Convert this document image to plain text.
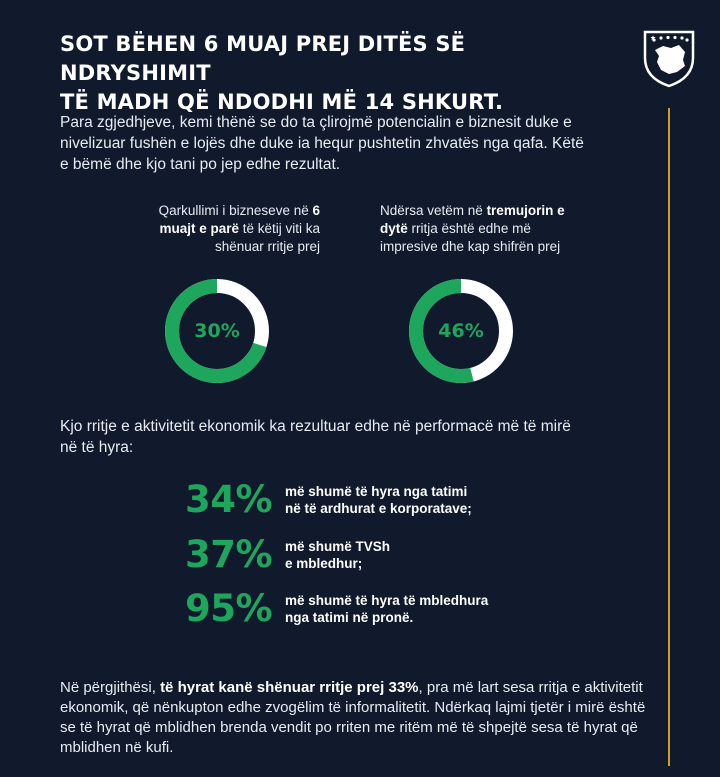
SOT BËHEN 6 MUAJ PREJ DITËS SË NDRYSHIMIT
TË MADH QË NDODHI MË 14 SHKURT.

Para zgjedhjeve, kemi thënë se do ta çlirojmë potencialin e biznesit duke e nivelizuar fushën e lojës dhe duke ia hequr pushtetin zhvatës nga qafa. Këtë e bëmë dhe kjo tani po jep edhe rezultat.

Qarkullimi i bizneseve në 6 muajt e parë të këtij viti ka shënuar rritje prej
Ndërsa vetëm në tremujorin e dytë rritja është edhe më impresive dhe kap shifrën prej
30%	46%

Kjo rritje e aktivitetit ekonomik ka rezultuar edhe në performacë më të mirë në të hyra:

34% më shumë të hyra nga tatimi
në të ardhurat e korporatave;
37% më shumë TVSh
e mbledhur;
95% më shumë të hyra të mbledhura
nga tatimi në pronë.

Në përgjithësi, të hyrat kanë shënuar rritje prej 33%, pra më lart sesa rritja e aktivitetit ekonomik, që nënkupton edhe zvogëlim të informalitetit. Ndërkaq lajmi tjetër i mirë është se të hyrat që mblidhen brenda vendit po rriten me ritëm më të shpejtë sesa të hyrat që mblidhen në kufi.
